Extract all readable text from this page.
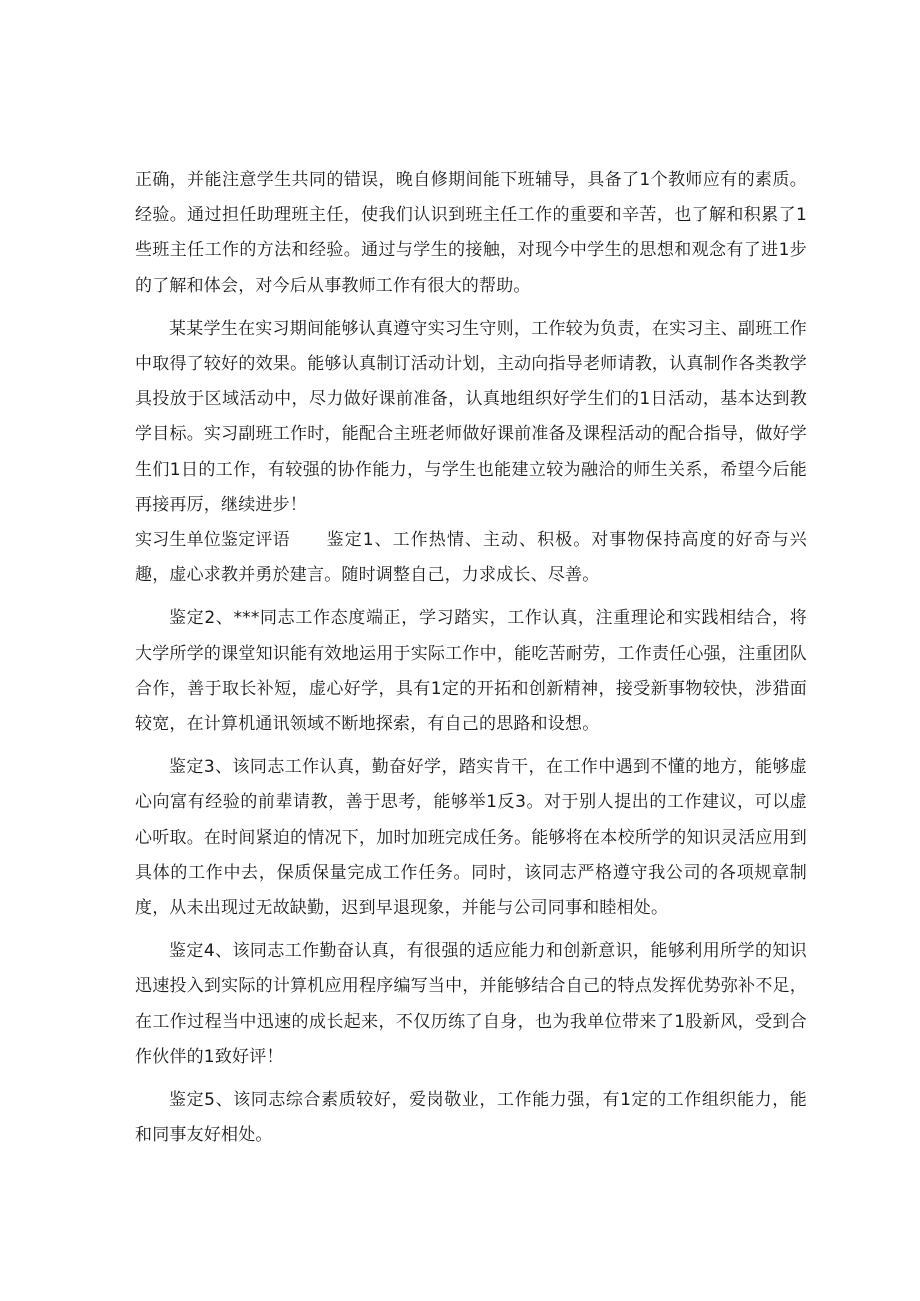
正确，并能注意学生共同的错误，晚自修期间能下班辅导，具备了1个教师应有的素质。经验。通过担任助理班主任，使我们认识到班主任工作的重要和辛苦，也了解和积累了1些班主任工作的方法和经验。通过与学生的接触，对现今中学生的思想和观念有了进1步的了解和体会，对今后从事教师工作有很大的帮助。

某某学生在实习期间能够认真遵守实习生守则，工作较为负责，在实习主、副班工作中取得了较好的效果。能够认真制订活动计划，主动向指导老师请教，认真制作各类教学具投放于区域活动中，尽力做好课前准备，认真地组织好学生们的1日活动，基本达到教学目标。实习副班工作时，能配合主班老师做好课前准备及课程活动的配合指导，做好学生们1日的工作，有较强的协作能力，与学生也能建立较为融洽的师生关系，希望今后能再接再厉，继续进步！

实习生单位鉴定评语 鉴定1、工作热情、主动、积极。对事物保持高度的好奇与兴趣，虚心求教并勇於建言。随时调整自己，力求成长、尽善。

鉴定2、***同志工作态度端正，学习踏实，工作认真，注重理论和实践相结合，将大学所学的课堂知识能有效地运用于实际工作中，能吃苦耐劳，工作责任心强，注重团队合作，善于取长补短，虚心好学，具有1定的开拓和创新精神，接受新事物较快，涉猎面较宽，在计算机通讯领域不断地探索，有自己的思路和设想。

鉴定3、该同志工作认真，勤奋好学，踏实肯干，在工作中遇到不懂的地方，能够虚心向富有经验的前辈请教，善于思考，能够举1反3。对于别人提出的工作建议，可以虚心听取。在时间紧迫的情况下，加时加班完成任务。能够将在本校所学的知识灵活应用到具体的工作中去，保质保量完成工作任务。同时，该同志严格遵守我公司的各项规章制度，从未出现过无故缺勤，迟到早退现象，并能与公司同事和睦相处。

鉴定4、该同志工作勤奋认真，有很强的适应能力和创新意识，能够利用所学的知识迅速投入到实际的计算机应用程序编写当中，并能够结合自己的特点发挥优势弥补不足，在工作过程当中迅速的成长起来，不仅历练了自身，也为我单位带来了1股新风，受到合作伙伴的1致好评！

鉴定5、该同志综合素质较好，爱岗敬业，工作能力强，有1定的工作组织能力，能和同事友好相处。
